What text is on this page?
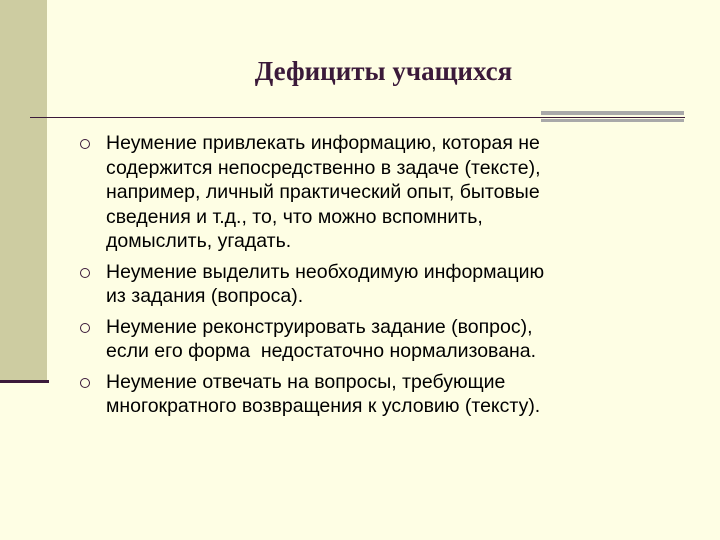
Дефициты учащихся
Неумение привлекать информацию, которая не
содержится непосредственно в задаче (тексте),
например, личный практический опыт, бытовые
сведения и т.д., то, что можно вспомнить,
домыслить, угадать.
Неумение выделить необходимую информацию
из задания (вопроса).
Неумение реконструировать задание (вопрос),
если его форма  недостаточно нормализована.
Неумение отвечать на вопросы, требующие
многократного возвращения к условию (тексту).
